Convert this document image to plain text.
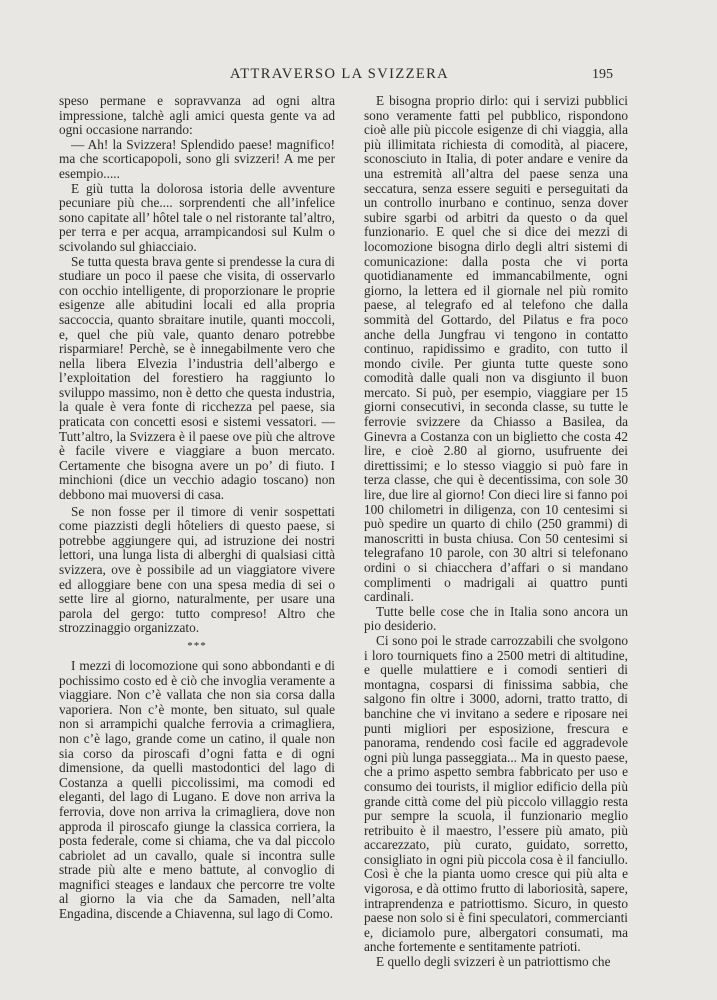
ATTRAVERSO LA SVIZZERA	195

speso permane e sopravvanza ad ogni altra impressione, talchè agli amici questa gente va ad ogni occasione narrando:

— Ah! la Svizzera! Splendido paese! magnifico! ma che scorticapopoli, sono gli svizzeri! A me per esempio.....

E giù tutta la dolorosa istoria delle avventure pecuniare più che.... sorprendenti che all’infelice sono capitate all’ hôtel tale o nel ristorante tal’altro, per terra e per acqua, arrampicandosi sul Kulm o scivolando sul ghiacciaio.

Se tutta questa brava gente si prendesse la cura di studiare un poco il paese che visita, di osservarlo con occhio intelligente, di proporzionare le proprie esigenze alle abitudini locali ed alla propria saccoccia, quanto sbraitare inutile, quanti moccoli, e, quel che più vale, quanto denaro potrebbe risparmiare! Perchè, se è innegabilmente vero che nella libera Elvezia l’industria dell’albergo e l’exploitation del forestiero ha raggiunto lo sviluppo massimo, non è detto che questa industria, la quale è vera fonte di ricchezza pel paese, sia praticata con concetti esosi e sistemi vessatori. — Tutt’altro, la Svizzera è il paese ove più che altrove è facile vivere e viaggiare a buon mercato. Certamente che bisogna avere un po’ di fiuto. I minchioni (dice un vecchio adagio toscano) non debbono mai muoversi di casa.

Se non fosse per il timore di venir sospettati come piazzisti degli hôteliers di questo paese, si potrebbe aggiungere qui, ad istruzione dei nostri lettori, una lunga lista di alberghi di qualsiasi città svizzera, ove è possibile ad un viaggiatore vivere ed alloggiare bene con una spesa media di sei o sette lire al giorno, naturalmente, per usare una parola del gergo: tutto compreso! Altro che strozzinaggio organizzato.

***

I mezzi di locomozione qui sono abbondanti e di pochissimo costo ed è ciò che invoglia veramente a viaggiare. Non c’è vallata che non sia corsa dalla vaporiera. Non c’è monte, ben situato, sul quale non si arrampichi qualche ferrovia a crimagliera, non c’è lago, grande come un catino, il quale non sia corso da piroscafi d’ogni fatta e di ogni dimensione, da quelli mastodontici del lago di Costanza a quelli piccolissimi, ma comodi ed eleganti, del lago di Lugano. E dove non arriva la ferrovia, dove non arriva la crimagliera, dove non approda il piroscafo giunge la classica corriera, la posta federale, come si chiama, che va dal piccolo cabriolet ad un cavallo, quale si incontra sulle strade più alte e meno battute, al convoglio di magnifici steages e landaux che percorre tre volte al giorno la via che da Samaden, nell’alta Engadina, discende a Chiavenna, sul lago di Como.

E bisogna proprio dirlo: qui i servizi pubblici sono veramente fatti pel pubblico, rispondono cioè alle più piccole esigenze di chi viaggia, alla più illimitata richiesta di comodità, al piacere, sconosciuto in Italia, di poter andare e venire da una estremità all’altra del paese senza una seccatura, senza essere seguiti e perseguitati da un controllo inurbano e continuo, senza dover subire sgarbi od arbitri da questo o da quel funzionario. E quel che si dice dei mezzi di locomozione bisogna dirlo degli altri sistemi di comunicazione: dalla posta che vi porta quotidianamente ed immancabilmente, ogni giorno, la lettera ed il giornale nel più romito paese, al telegrafo ed al telefono che dalla sommità del Gottardo, del Pilatus e fra poco anche della Jungfrau vi tengono in contatto continuo, rapidissimo e gradito, con tutto il mondo civile. Per giunta tutte queste sono comodità dalle quali non va disgiunto il buon mercato. Si può, per esempio, viaggiare per 15 giorni consecutivi, in seconda classe, su tutte le ferrovie svizzere da Chiasso a Basilea, da Ginevra a Costanza con un biglietto che costa 42 lire, e cioè 2.80 al giorno, usufruente dei direttissimi; e lo stesso viaggio si può fare in terza classe, che qui è decentissima, con sole 30 lire, due lire al giorno! Con dieci lire si fanno poi 100 chilometri in diligenza, con 10 centesimi si può spedire un quarto di chilo (250 grammi) di manoscritti in busta chiusa. Con 50 centesimi si telegrafano 10 parole, con 30 altri si telefonano ordini o si chiacchera d’affari o si mandano complimenti o madrigali ai quattro punti cardinali.

Tutte belle cose che in Italia sono ancora un pio desiderio.

Ci sono poi le strade carrozzabili che svolgono i loro tourniquets fino a 2500 metri di altitudine, e quelle mulattiere e i comodi sentieri di montagna, cosparsi di finissima sabbia, che salgono fin oltre i 3000, adorni, tratto tratto, di banchine che vi invitano a sedere e riposare nei punti migliori per esposizione, frescura e panorama, rendendo così facile ed aggradevole ogni più lunga passeggiata... Ma in questo paese, che a primo aspetto sembra fabbricato per uso e consumo dei tourists, il miglior edificio della più grande città come del più piccolo villaggio resta pur sempre la scuola, il funzionario meglio retribuito è il maestro, l’essere più amato, più accarezzato, più curato, guidato, sorretto, consigliato in ogni più piccola cosa è il fanciullo. Così è che la pianta uomo cresce qui più alta e vigorosa, e dà ottimo frutto di laboriosità, sapere, intraprendenza e patriottismo. Sicuro, in questo paese non solo si è fini speculatori, commercianti e, diciamolo pure, albergatori consumati, ma anche fortemente e sentitamente patrioti.

E quello degli svizzeri è un patriottismo che
